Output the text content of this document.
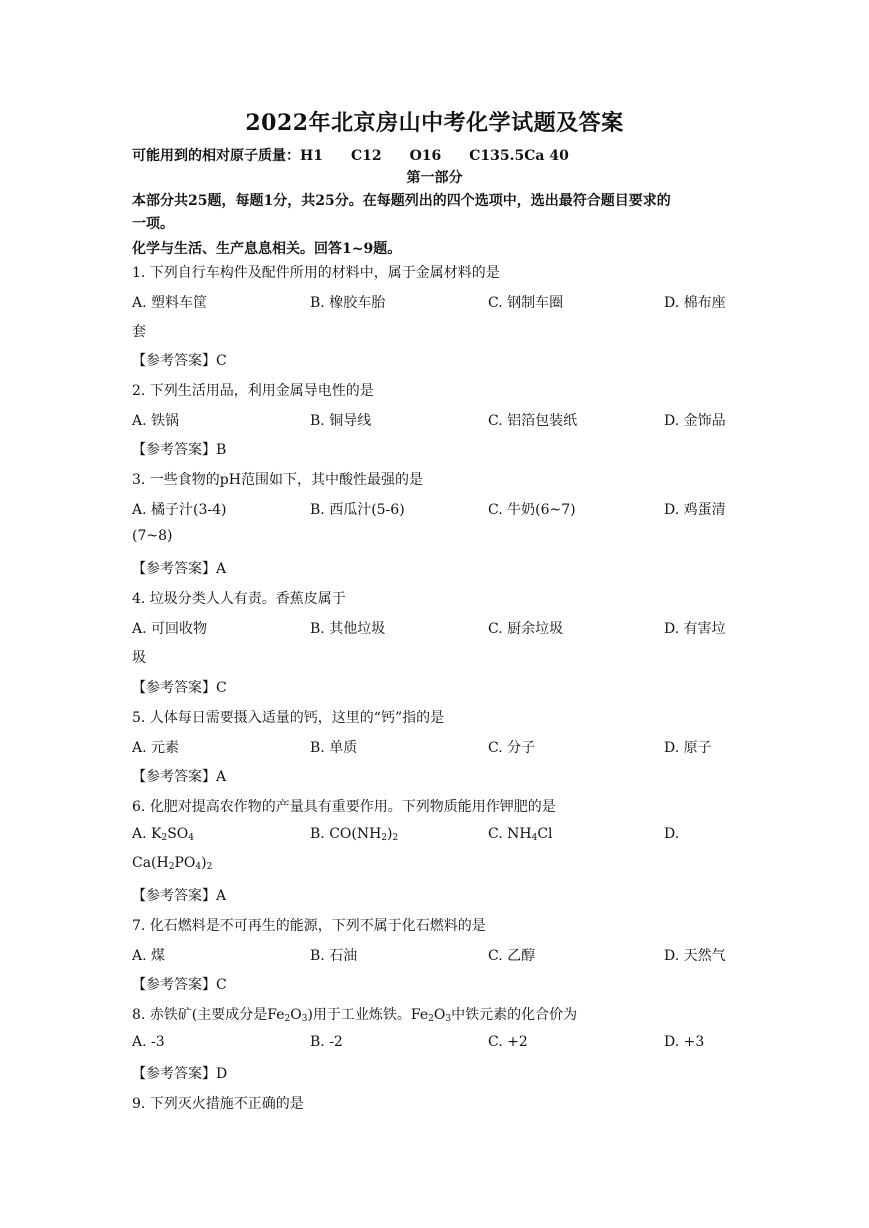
2022年北京房山中考化学试题及答案
可能用到的相对原子质量：H1　　C12　　O16　　C135.5Ca 40
第一部分
本部分共25题，每题1分，共25分。在每题列出的四个选项中，选出最符合题目要求的
一项。
化学与生活、生产息息相关。回答1~9题。
1. 下列自行车构件及配件所用的材料中，属于金属材料的是
A. 塑料车筐	B. 橡胶车胎	C. 钢制车圈	D. 棉布座
套
【参考答案】C
2. 下列生活用品，利用金属导电性的是
A. 铁锅	B. 铜导线	C. 铝箔包装纸	D. 金饰品
【参考答案】B
3. 一些食物的pH范围如下，其中酸性最强的是
A. 橘子汁(3-4)	B. 西瓜汁(5-6)	C. 牛奶(6~7)	D. 鸡蛋清
(7~8)
【参考答案】A
4. 垃圾分类人人有责。香蕉皮属于
A. 可回收物	B. 其他垃圾	C. 厨余垃圾	D. 有害垃
圾
【参考答案】C
5. 人体每日需要摄入适量的钙，这里的“钙”指的是
A. 元素	B. 单质	C. 分子	D. 原子
【参考答案】A
6. 化肥对提高农作物的产量具有重要作用。下列物质能用作钾肥的是
A. $K_2SO_4$	B. $CO(NH_2)_2$	C. $NH_4Cl$	D.
$Ca(H_2PO_4)_2$
【参考答案】A
7. 化石燃料是不可再生的能源，下列不属于化石燃料的是
A. 煤	B. 石油	C. 乙醇	D. 天然气
【参考答案】C
8. 赤铁矿(主要成分是$Fe_2O_3$)用于工业炼铁。$Fe_2O_3$中铁元素的化合价为
A. -3	B. -2	C. +2	D. +3
【参考答案】D
9. 下列灭火措施不正确的是
